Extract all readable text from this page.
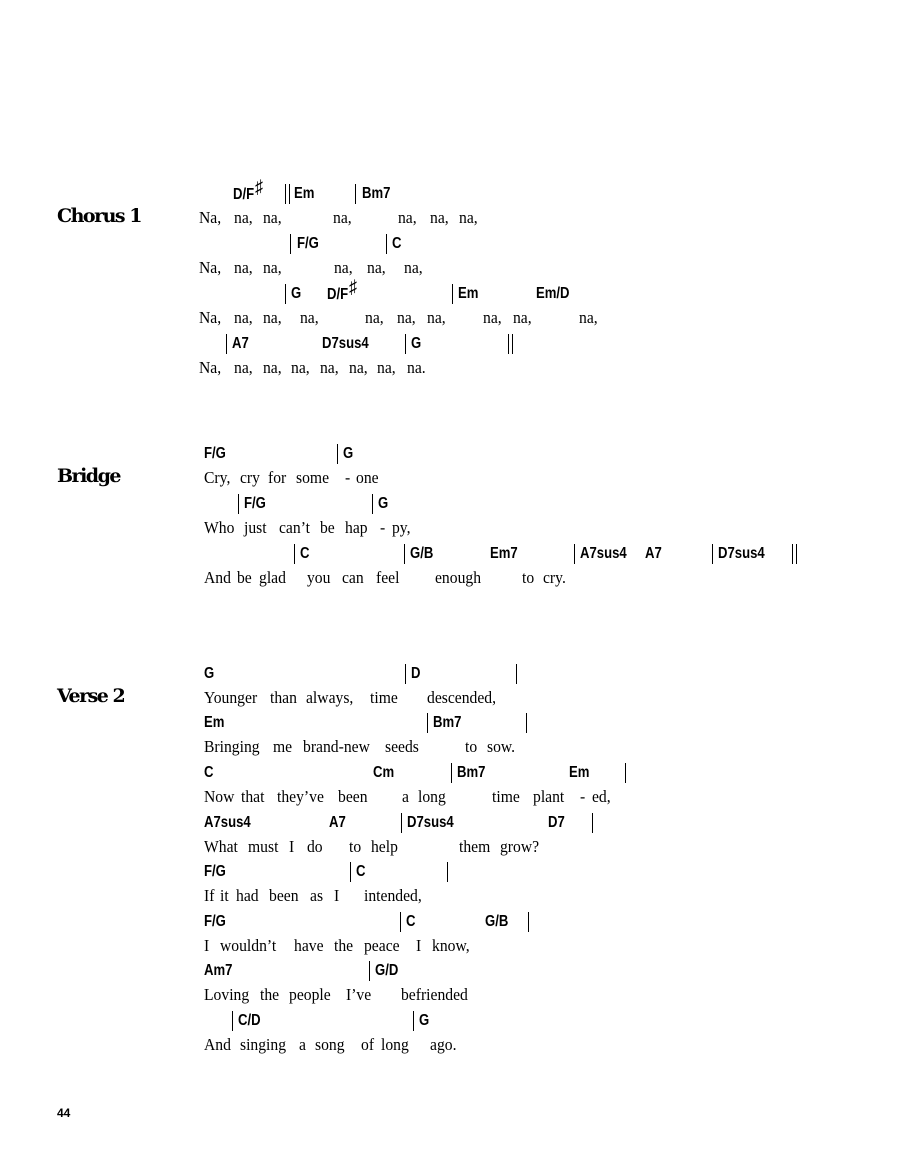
Chorus 1
D/F♯ Em	Bm7
Na, na, na,	na,	na, na, na,
F/G	C
Na, na, na,	na, na, na,
G D/F♯	Em	Em/D
Na, na, na, na,	na, na, na, na, na,	na,
A7	D7sus4	G
Na, na, na, na, na, na, na, na.
Bridge
F/G	G
Cry, cry for some - one
F/G	G
Who just can’t be hap - py,
C	G/B	Em7	A7sus4 A7	D7sus4
And be glad you can feel enough to cry.
Verse 2
G	D
Younger than always, time descended,
Em	Bm7
Bringing me brand-new seeds	to sow.
C	Cm	Bm7	Em
Now that they’ve been a long	time plant - ed,
A7sus4	A7	D7sus4	D7
What must I do to help	them grow?
F/G	C
If it had been as I intended,
F/G	C	G/B
I wouldn’t have the peace I know,
Am7	G/D
Loving the people I’ve befriended
C/D	G
And singing a song of long ago.

44
